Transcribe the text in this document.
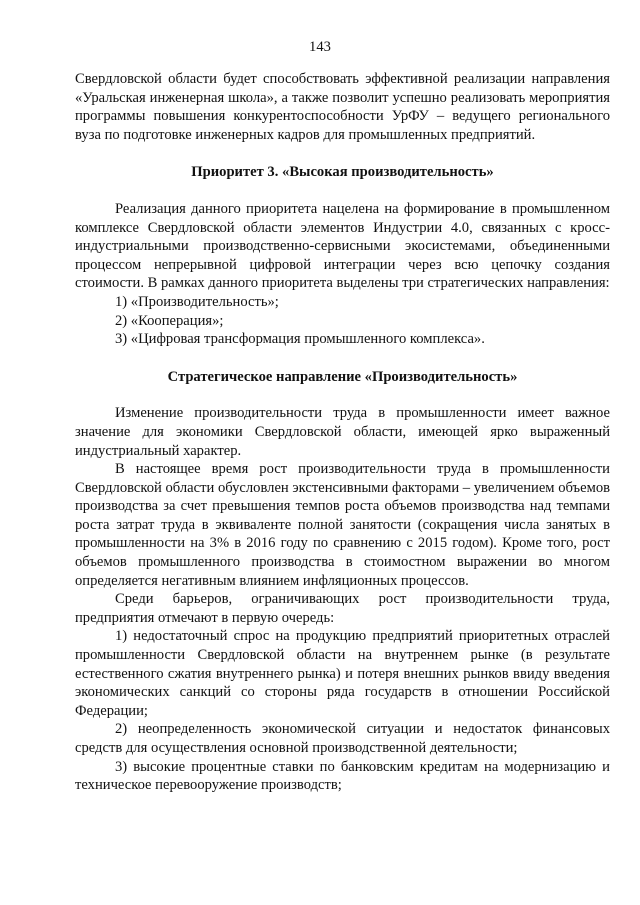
143

Свердловской области будет способствовать эффективной реализации направления «Уральская инженерная школа», а также позволит успешно реализовать мероприятия программы повышения конкурентоспособности УрФУ – ведущего регионального вуза по подготовке инженерных кадров для промышленных предприятий.

Приоритет 3. «Высокая производительность»

Реализация данного приоритета нацелена на формирование в промышленном комплексе Свердловской области элементов Индустрии 4.0, связанных с кросс-индустриальными производственно-сервисными экосистемами, объединенными процессом непрерывной цифровой интеграции через всю цепочку создания стоимости. В рамках данного приоритета выделены три стратегических направления:

1) «Производительность»;

2) «Кооперация»;

3) «Цифровая трансформация промышленного комплекса».

Стратегическое направление «Производительность»

Изменение производительности труда в промышленности имеет важное значение для экономики Свердловской области, имеющей ярко выраженный индустриальный характер.

В настоящее время рост производительности труда в промышленности Свердловской области обусловлен экстенсивными факторами – увеличением объемов производства за счет превышения темпов роста объемов производства над темпами роста затрат труда в эквиваленте полной занятости (сокращения числа занятых в промышленности на 3% в 2016 году по сравнению с 2015 годом). Кроме того, рост объемов промышленного производства в стоимостном выражении во многом определяется негативным влиянием инфляционных процессов.

Среди барьеров, ограничивающих рост производительности труда, предприятия отмечают в первую очередь:

1) недостаточный спрос на продукцию предприятий приоритетных отраслей промышленности Свердловской области на внутреннем рынке (в результате естественного сжатия внутреннего рынка) и потеря внешних рынков ввиду введения экономических санкций со стороны ряда государств в отношении Российской Федерации;

2) неопределенность экономической ситуации и недостаток финансовых средств для осуществления основной производственной деятельности;

3) высокие процентные ставки по банковским кредитам на модернизацию и техническое перевооружение производств;
